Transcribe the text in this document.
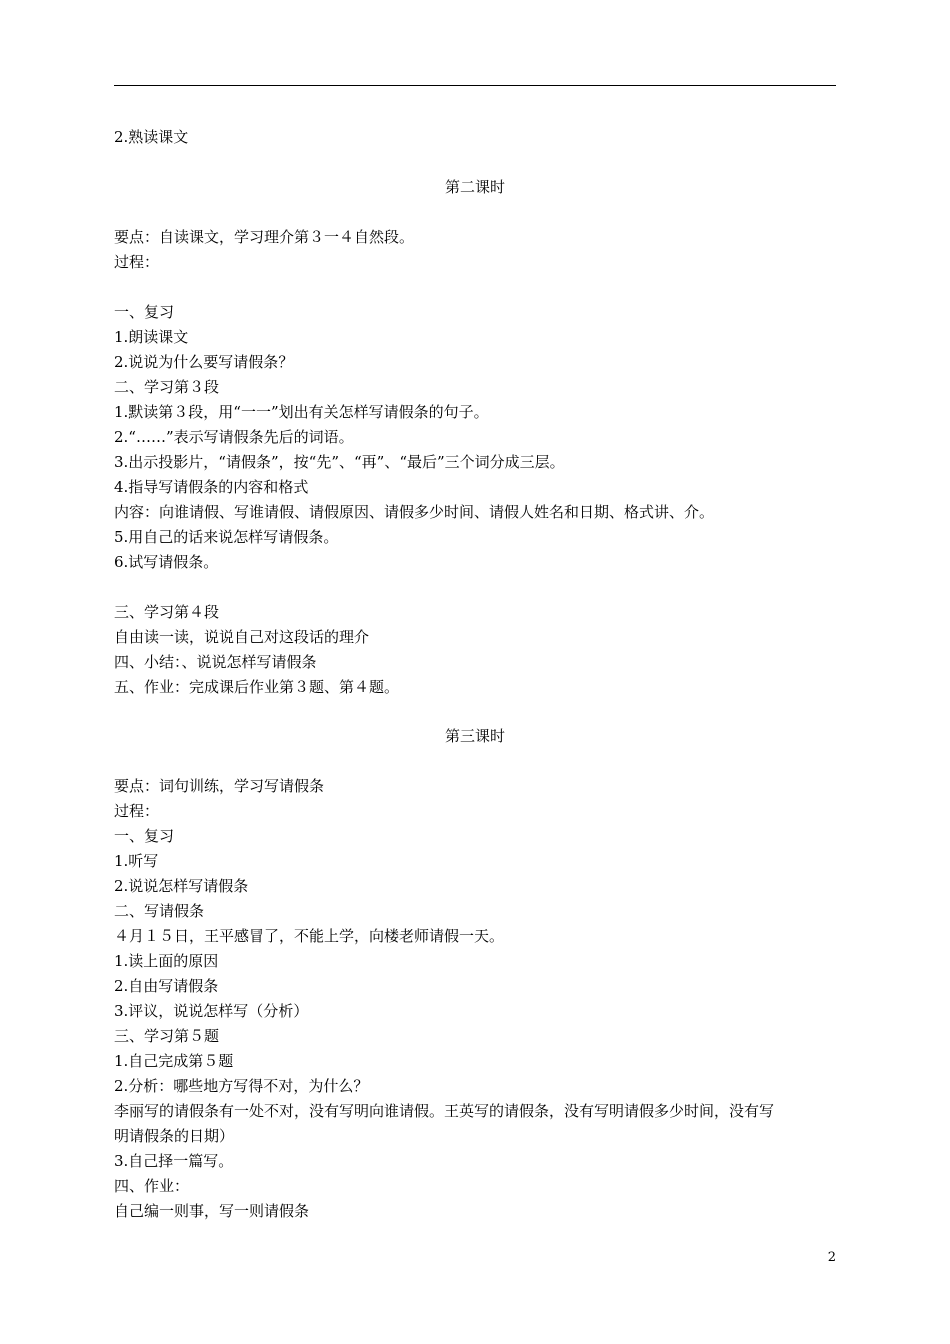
2.熟读课文
第二课时
要点：自读课文，学习理介第３一４自然段。
过程：
一、复习
1.朗读课文
2.说说为什么要写请假条？
二、学习第３段
1.默读第３段，用“一一”划出有关怎样写请假条的句子。
2.“……”表示写请假条先后的词语。
3.出示投影片，“请假条”，按“先”、“再”、“最后”三个词分成三层。
4.指导写请假条的内容和格式
内容：向谁请假、写谁请假、请假原因、请假多少时间、请假人姓名和日期、格式讲、介。
5.用自己的话来说怎样写请假条。
6.试写请假条。
三、学习第４段
自由读一读，说说自己对这段话的理介
四、小结：、说说怎样写请假条
五、作业：完成课后作业第３题、第４题。
第三课时
要点：词句训练，学习写请假条
过程：
一、复习
1.听写
2.说说怎样写请假条
二、写请假条
４月１５日，王平感冒了，不能上学，向楼老师请假一天。
1.读上面的原因
2.自由写请假条
3.评议，说说怎样写（分析）
三、学习第５题
1.自己完成第５题
2.分析：哪些地方写得不对，为什么？
李丽写的请假条有一处不对，没有写明向谁请假。王英写的请假条，没有写明请假多少时间，没有写
明请假条的日期）
3.自己择一篇写。
四、作业：
自己编一则事，写一则请假条
2
